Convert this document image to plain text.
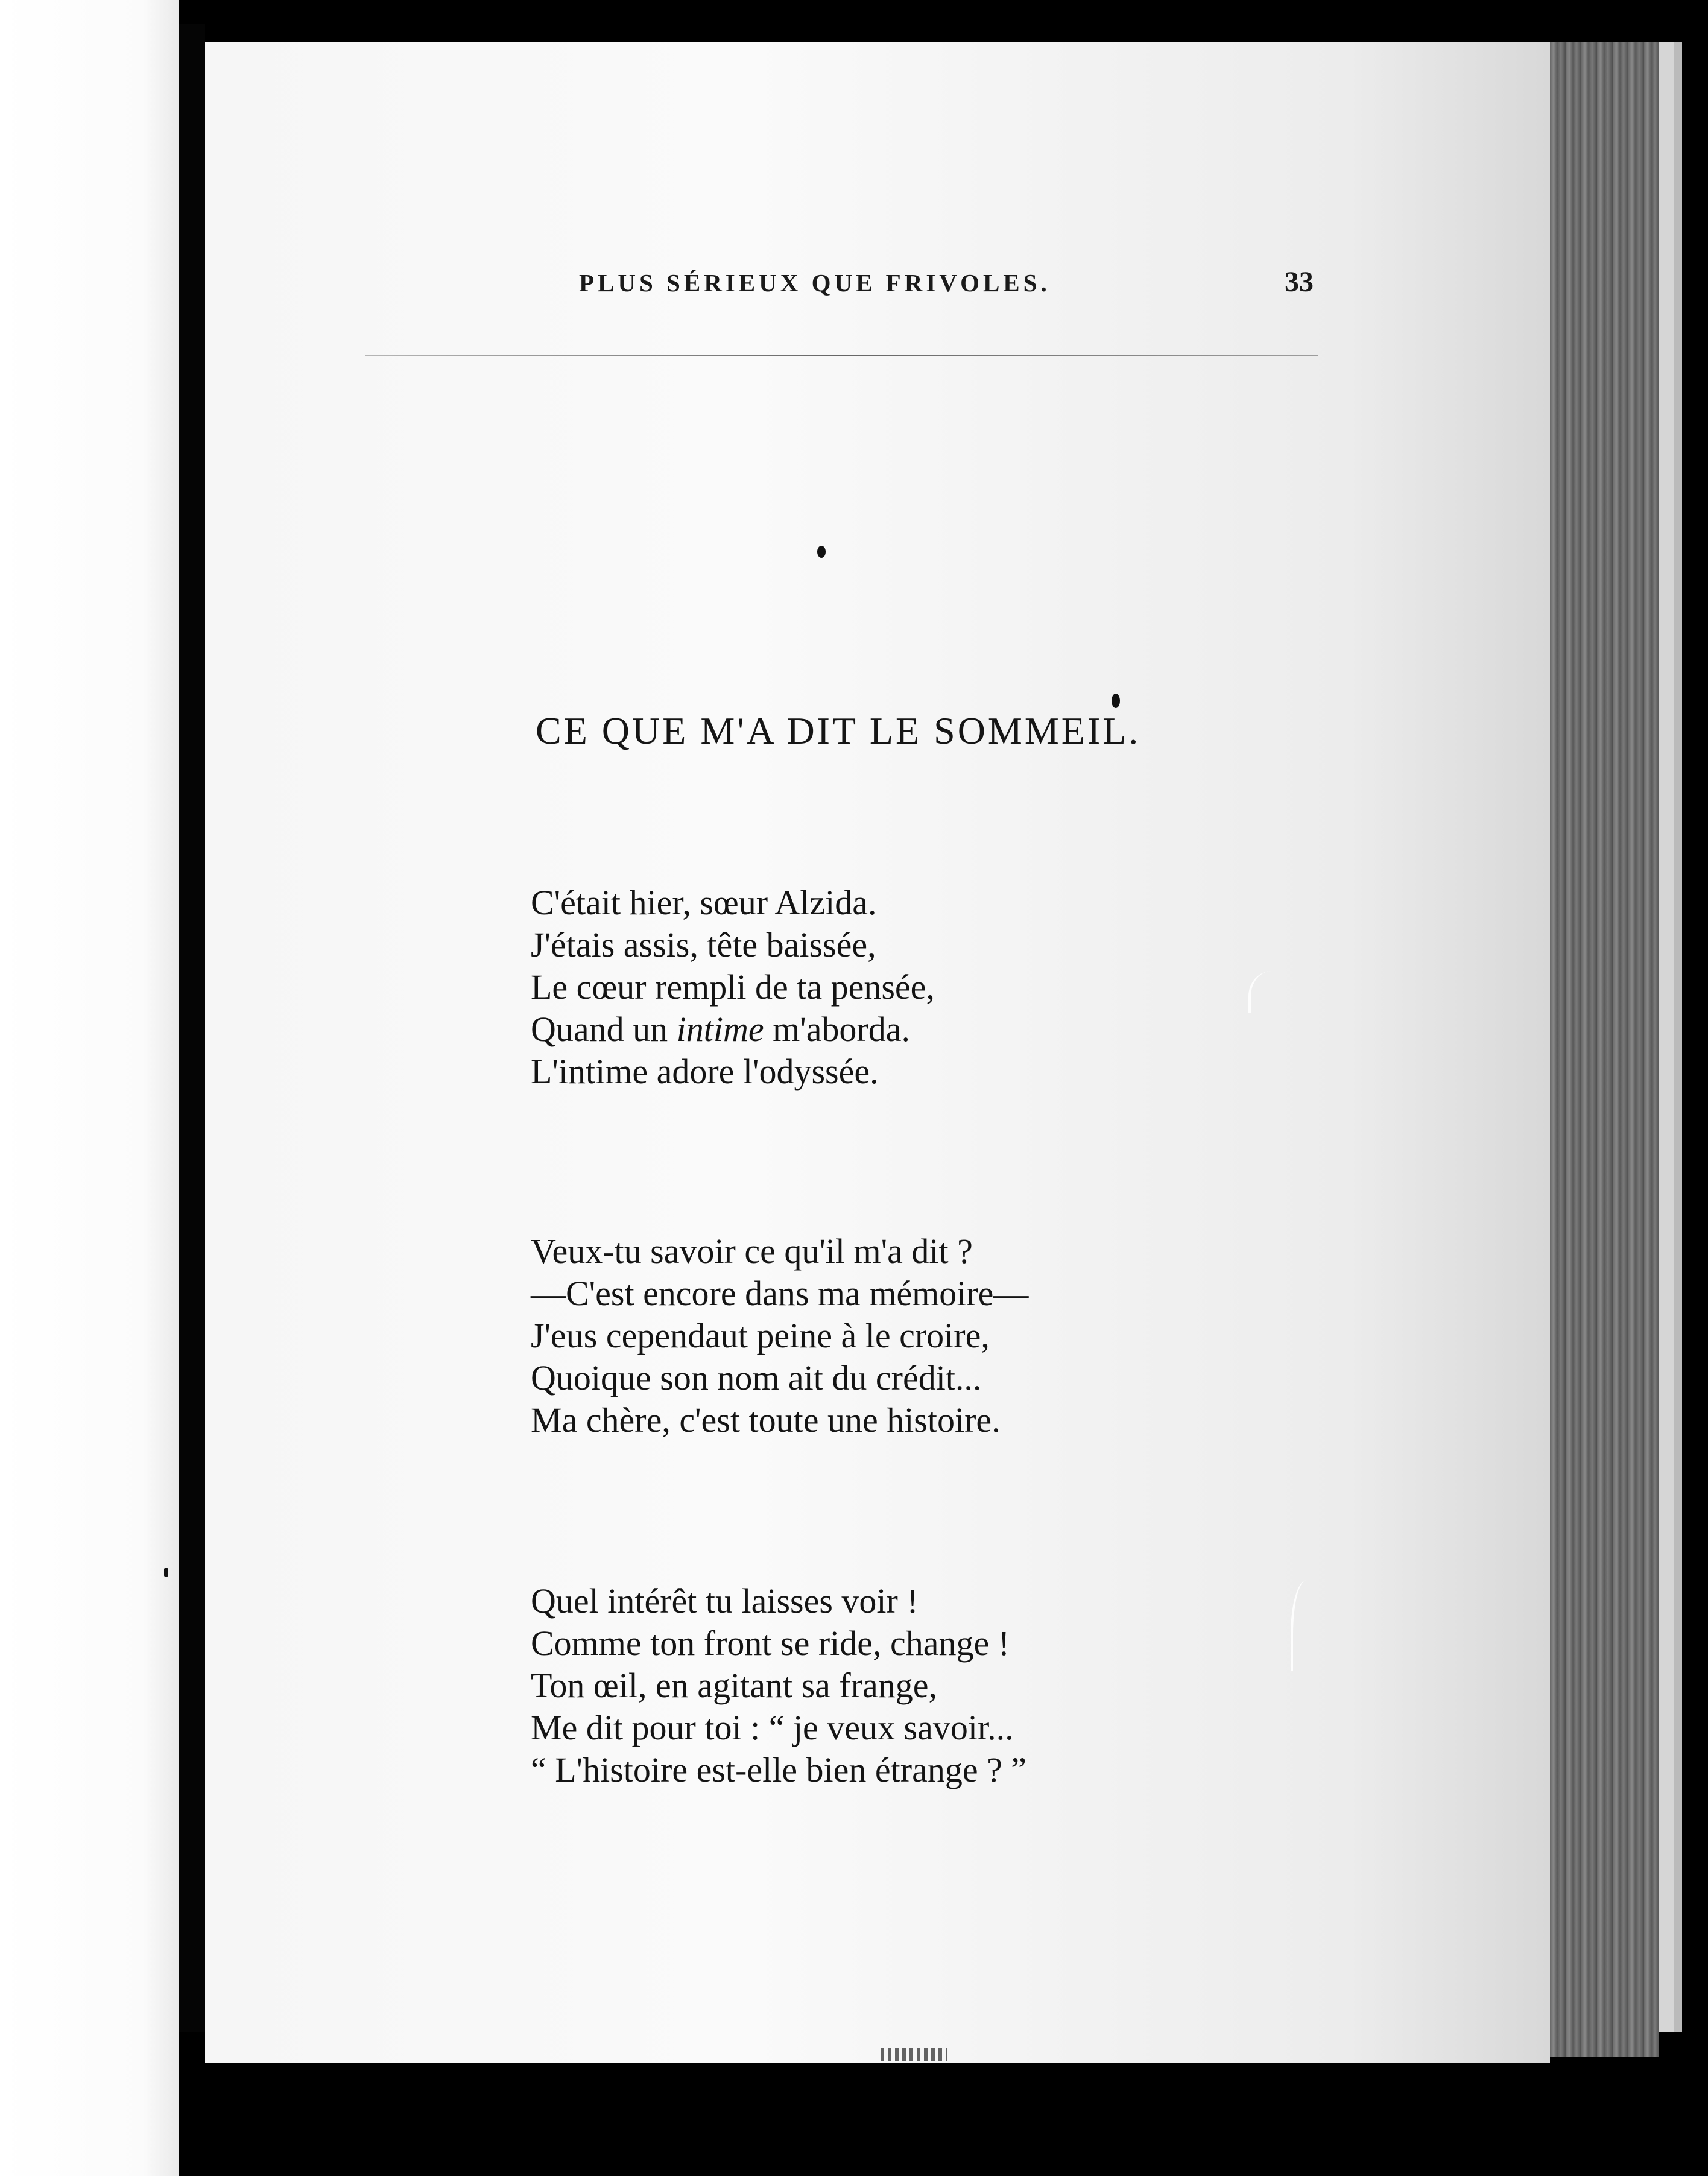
PLUS SÉRIEUX QUE FRIVOLES.	33
CE QUE M'A DIT LE SOMMEIL.
C'était hier, sœur Alzida.
J'étais assis, tête baissée,
Le cœur rempli de ta pensée,
Quand un intime m'aborda.
L'intime adore l'odyssée.
Veux-tu savoir ce qu'il m'a dit ?
—C'est encore dans ma mémoire—
J'eus cependaut peine à le croire,
Quoique son nom ait du crédit...
Ma chère, c'est toute une histoire.
Quel intérêt tu laisses voir !
Comme ton front se ride, change !
Ton œil, en agitant sa frange,
Me dit pour toi : “ je veux savoir...
“ L'histoire est-elle bien étrange ? ”
